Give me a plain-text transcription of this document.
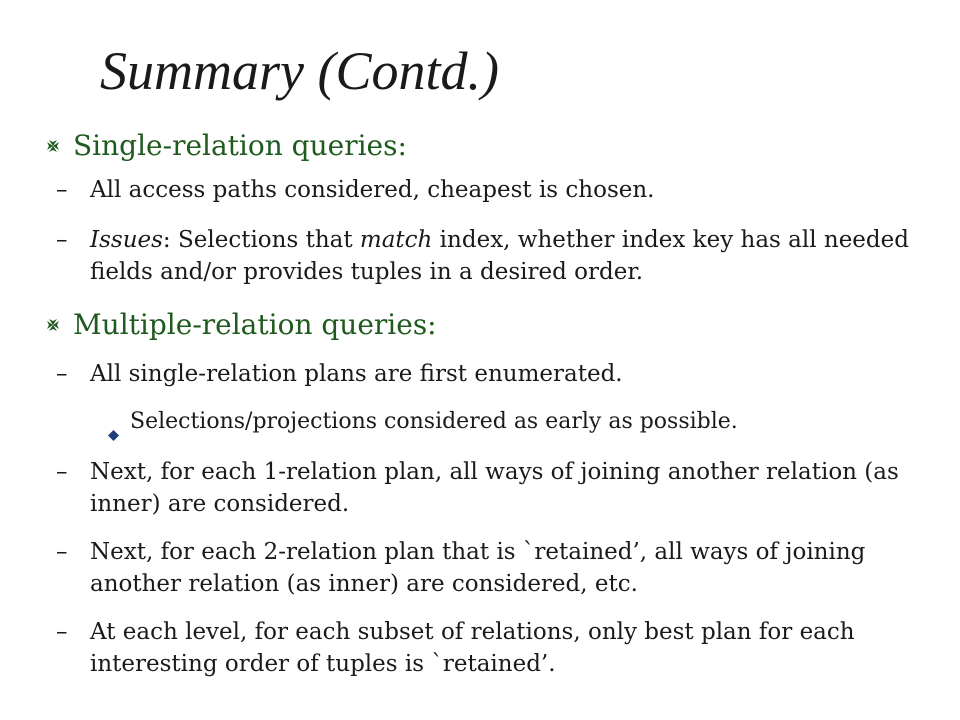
Summary (Contd.)
Single-relation queries:
– All access paths considered, cheapest is chosen.
– Issues: Selections that match index, whether index key has all needed fields and/or provides tuples in a desired order.
Multiple-relation queries:
– All single-relation plans are first enumerated.
Selections/projections considered as early as possible.
– Next, for each 1-relation plan, all ways of joining another relation (as inner) are considered.
– Next, for each 2-relation plan that is `retained’, all ways of joining another relation (as inner) are considered, etc.
– At each level, for each subset of relations, only best plan for each interesting order of tuples is `retained’.
